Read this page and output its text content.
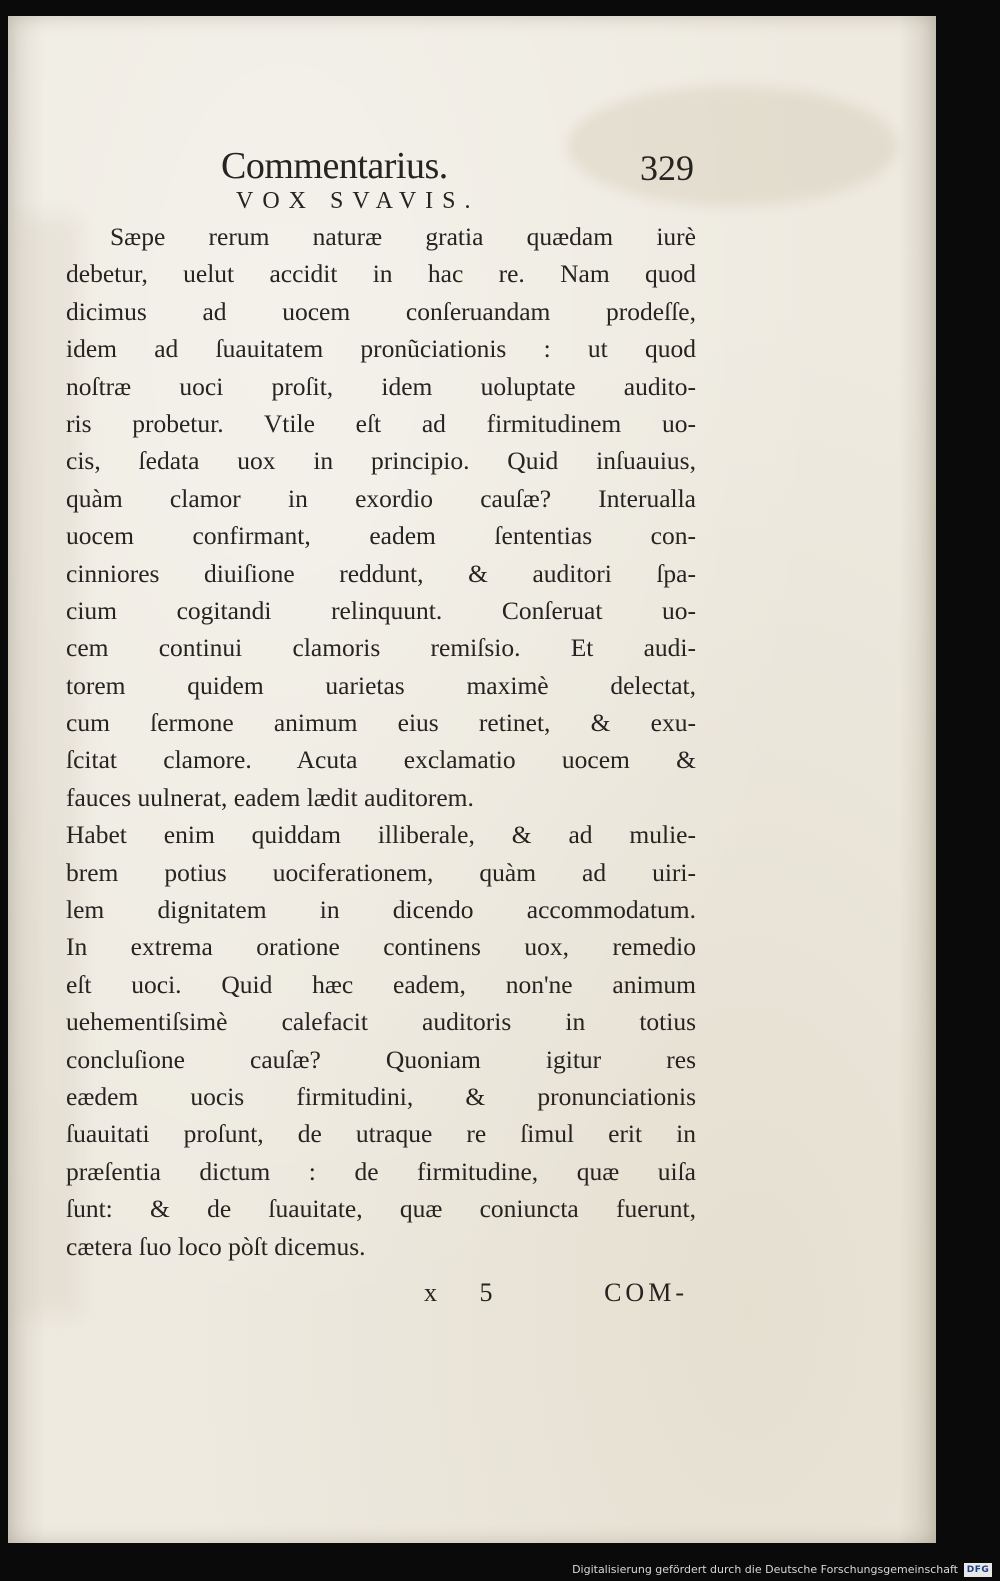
Commentarius.	329
VOX SVAVIS.
Sæpe rerum naturæ gratia quædam iurè
debetur, uelut accidit in hac re. Nam quod
dicimus ad uocem conſeruandam prodeſſe,
idem ad ſuauitatem pronũciationis : ut quod
noſtræ uoci proſit, idem uoluptate audito-
ris probetur. Vtile eſt ad firmitudinem uo-
cis, ſedata uox in principio. Quid inſuauius,
quàm clamor in exordio cauſæ? Interualla
uocem confirmant, eadem ſententias con-
cinniores diuiſione reddunt, & auditori ſpa-
cium cogitandi relinquunt. Conſeruat uo-
cem continui clamoris remiſsio. Et audi-
torem quidem uarietas maximè delectat,
cum ſermone animum eius retinet, & exu-
ſcitat clamore. Acuta exclamatio uocem &
fauces uulnerat, eadem lædit auditorem.
Habet enim quiddam illiberale, & ad mulie-
brem potius uociferationem, quàm ad uiri-
lem dignitatem in dicendo accommodatum.
In extrema oratione continens uox, remedio
eſt uoci. Quid hæc eadem, non'ne animum
uehementiſsimè calefacit auditoris in totius
concluſione cauſæ? Quoniam igitur res
eædem uocis firmitudini, & pronunciationis
ſuauitati proſunt, de utraque re ſimul erit in
præſentia dictum : de firmitudine, quæ uiſa
ſunt: & de ſuauitate, quæ coniuncta fuerunt,
cætera ſuo loco pòſt dicemus.
x 5	COM-
Digitalisierung gefördert durch die Deutsche Forschungsgemeinschaft DFG
